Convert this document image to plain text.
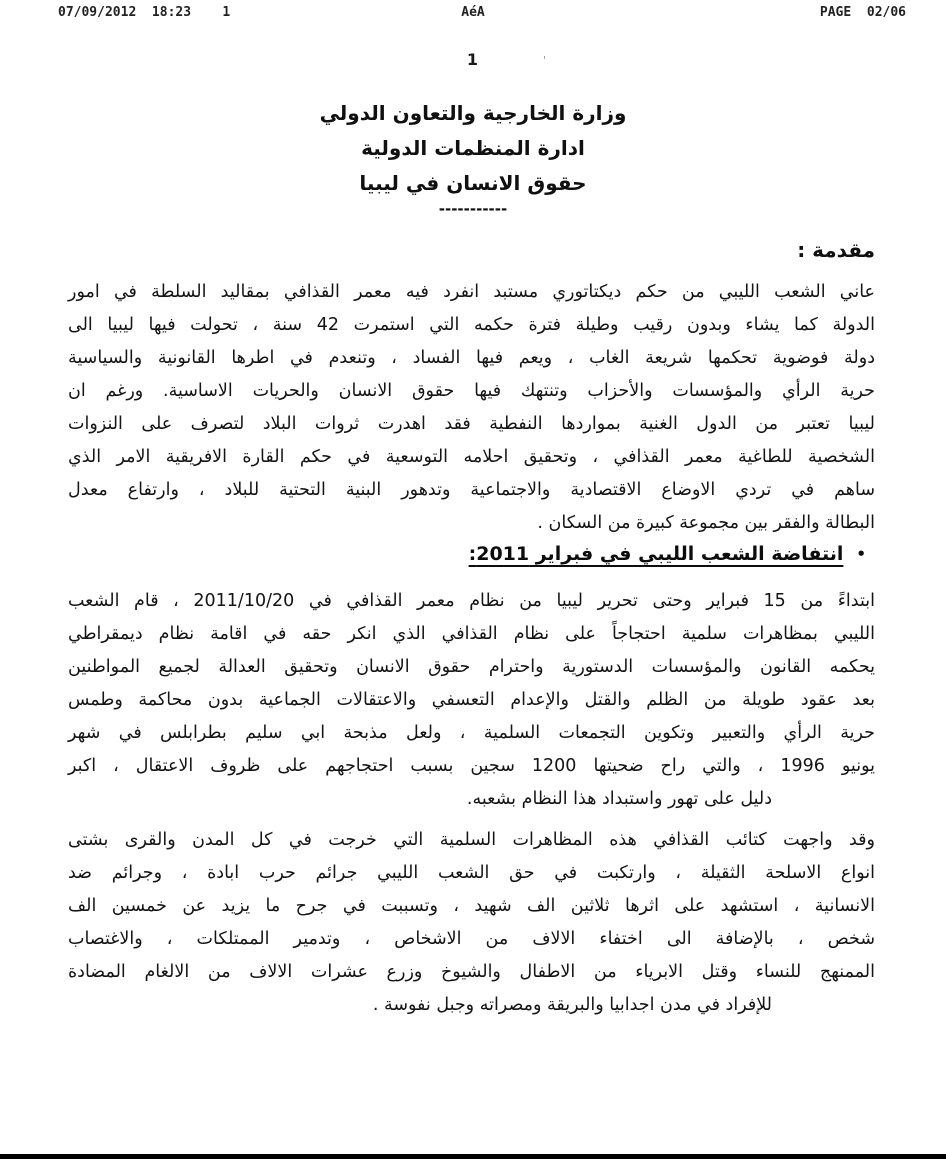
07/09/2012  18:23    1	AéA	PAGE  02/06
1	'
وزارة الخارجية والتعاون الدولي
ادارة المنظمات الدولية
حقوق الانسان في ليبيا
-----------
مقدمة :
عاني الشعب الليبي من حكم ديكتاتوري مستبد انفرد فيه معمر القذافي بمقاليد السلطة في امور
الدولة كما يشاء وبدون رقيب وطيلة فترة حكمه التي استمرت 42 سنة ، تحولت فيها ليبيا الى
دولة فوضوية تحكمها شريعة الغاب ، ويعم فيها الفساد ، وتنعدم في اطرها القانونية والسياسية
حرية الرأي والمؤسسات والأحزاب وتنتهك فيها حقوق الانسان والحريات الاساسية. ورغم ان
ليبيا تعتبر من الدول الغنية بمواردها النفطية فقد اهدرت ثروات البلاد لتصرف على النزوات
الشخصية للطاغية معمر القذافي ، وتحقيق احلامه التوسعية في حكم القارة الافريقية الامر الذي
ساهم في تردي الاوضاع الاقتصادية والاجتماعية وتدهور البنية التحتية للبلاد ، وارتفاع معدل
البطالة والفقر بين مجموعة كبيرة من السكان .
•
انتفاضة الشعب الليبي في فبراير 2011:
ابتداءً من 15 فبراير وحتى تحرير ليبيا من نظام معمر القذافي في 2011/10/20 ، قام الشعب
الليبي بمظاهرات سلمية احتجاجاً على نظام القذافي الذي انكر حقه في اقامة نظام ديمقراطي
يحكمه القانون والمؤسسات الدستورية واحترام حقوق الانسان وتحقيق العدالة لجميع المواطنين
بعد عقود طويلة من الظلم والقتل والإعدام التعسفي والاعتقالات الجماعية بدون محاكمة وطمس
حرية الرأي والتعبير وتكوين التجمعات السلمية ، ولعل مذبحة ابي سليم بطرابلس في شهر
يونيو 1996 ، والتي راح ضحيتها 1200 سجين بسبب احتجاجهم على ظروف الاعتقال ، اكبر
دليل على تهور واستبداد هذا النظام بشعبه.
وقد واجهت كتائب القذافي هذه المظاهرات السلمية التي خرجت في كل المدن والقرى بشتى
انواع الاسلحة الثقيلة ، وارتكبت في حق الشعب الليبي جرائم حرب ابادة ، وجرائم ضد
الانسانية ، استشهد على اثرها ثلاثين الف شهيد ، وتسببت في جرح ما يزيد عن خمسين الف
شخص ، بالإضافة الى اختفاء الالاف من الاشخاص ، وتدمير الممتلكات ، والاغتصاب
الممنهج للنساء وقتل الابرياء من الاطفال والشيوخ وزرع عشرات الالاف من الالغام المضادة
للإفراد في مدن اجدابيا والبريقة ومصراته وجبل نفوسة .
